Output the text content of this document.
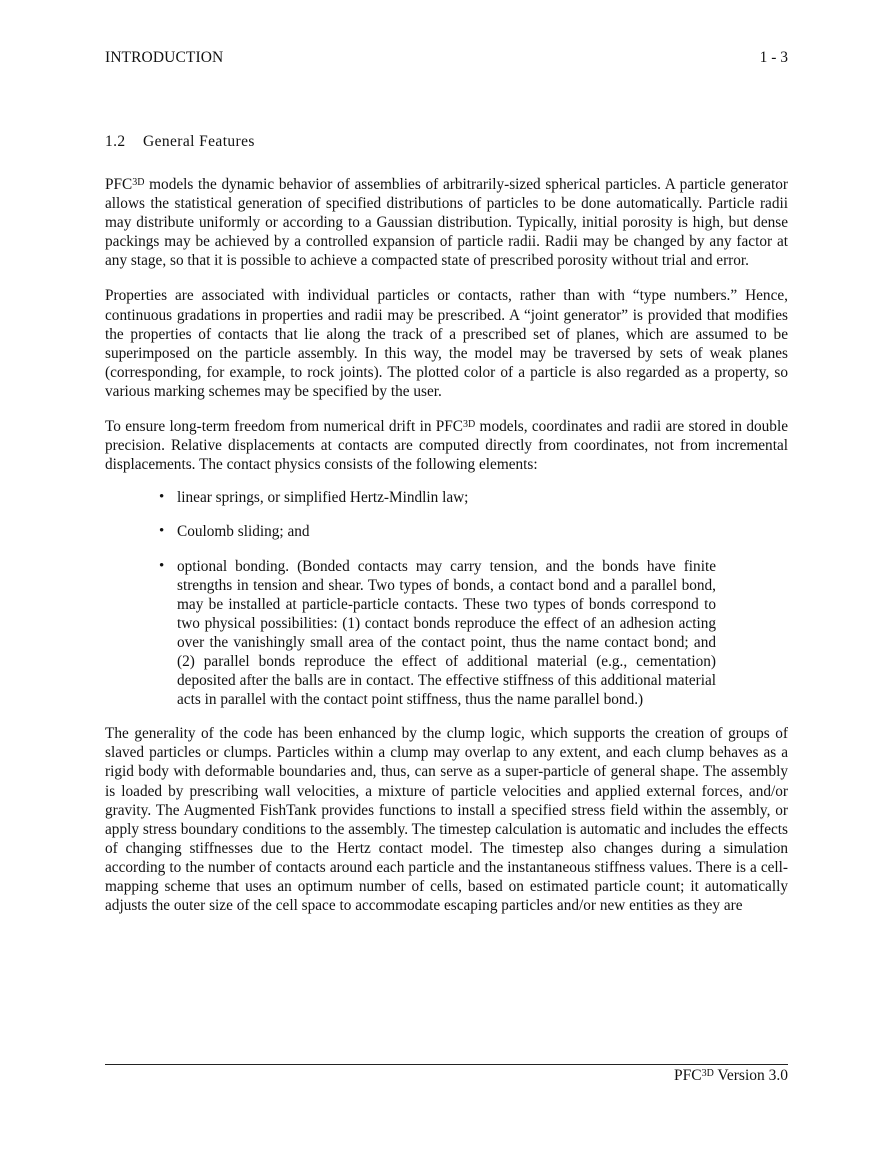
INTRODUCTION	1 - 3
1.2 General Features

$PFC^{3D}$ models the dynamic behavior of assemblies of arbitrarily-sized spherical particles. A particle generator allows the statistical generation of specified distributions of particles to be done automatically. Particle radii may distribute uniformly or according to a Gaussian distribution. Typically, initial porosity is high, but dense packings may be achieved by a controlled expansion of particle radii. Radii may be changed by any factor at any stage, so that it is possible to achieve a compacted state of prescribed porosity without trial and error.

Properties are associated with individual particles or contacts, rather than with “type numbers.” Hence, continuous gradations in properties and radii may be prescribed. A “joint generator” is provided that modifies the properties of contacts that lie along the track of a prescribed set of planes, which are assumed to be superimposed on the particle assembly. In this way, the model may be traversed by sets of weak planes (corresponding, for example, to rock joints). The plotted color of a particle is also regarded as a property, so various marking schemes may be specified by the user.

To ensure long-term freedom from numerical drift in $PFC^{3D}$ models, coordinates and radii are stored in double precision. Relative displacements at contacts are computed directly from coordinates, not from incremental displacements. The contact physics consists of the following elements:

• linear springs, or simplified Hertz-Mindlin law;
• Coulomb sliding; and
• optional bonding. (Bonded contacts may carry tension, and the bonds have finite strengths in tension and shear. Two types of bonds, a contact bond and a parallel bond, may be installed at particle-particle contacts. These two types of bonds correspond to two physical possibilities: (1) contact bonds reproduce the effect of an adhesion acting over the vanishingly small area of the contact point, thus the name contact bond; and (2) parallel bonds reproduce the effect of additional material (e.g., cementation) deposited after the balls are in contact. The effective stiffness of this additional material acts in parallel with the contact point stiffness, thus the name parallel bond.)

The generality of the code has been enhanced by the clump logic, which supports the creation of groups of slaved particles or clumps. Particles within a clump may overlap to any extent, and each clump behaves as a rigid body with deformable boundaries and, thus, can serve as a super-particle of general shape. The assembly is loaded by prescribing wall velocities, a mixture of particle velocities and applied external forces, and/or gravity. The Augmented FishTank provides functions to install a specified stress field within the assembly, or apply stress boundary conditions to the assembly. The timestep calculation is automatic and includes the effects of changing stiffnesses due to the Hertz contact model. The timestep also changes during a simulation according to the number of contacts around each particle and the instantaneous stiffness values. There is a cell-mapping scheme that uses an optimum number of cells, based on estimated particle count; it automatically adjusts the outer size of the cell space to accommodate escaping particles and/or new entities as they are

$PFC^{3D}$ Version 3.0
